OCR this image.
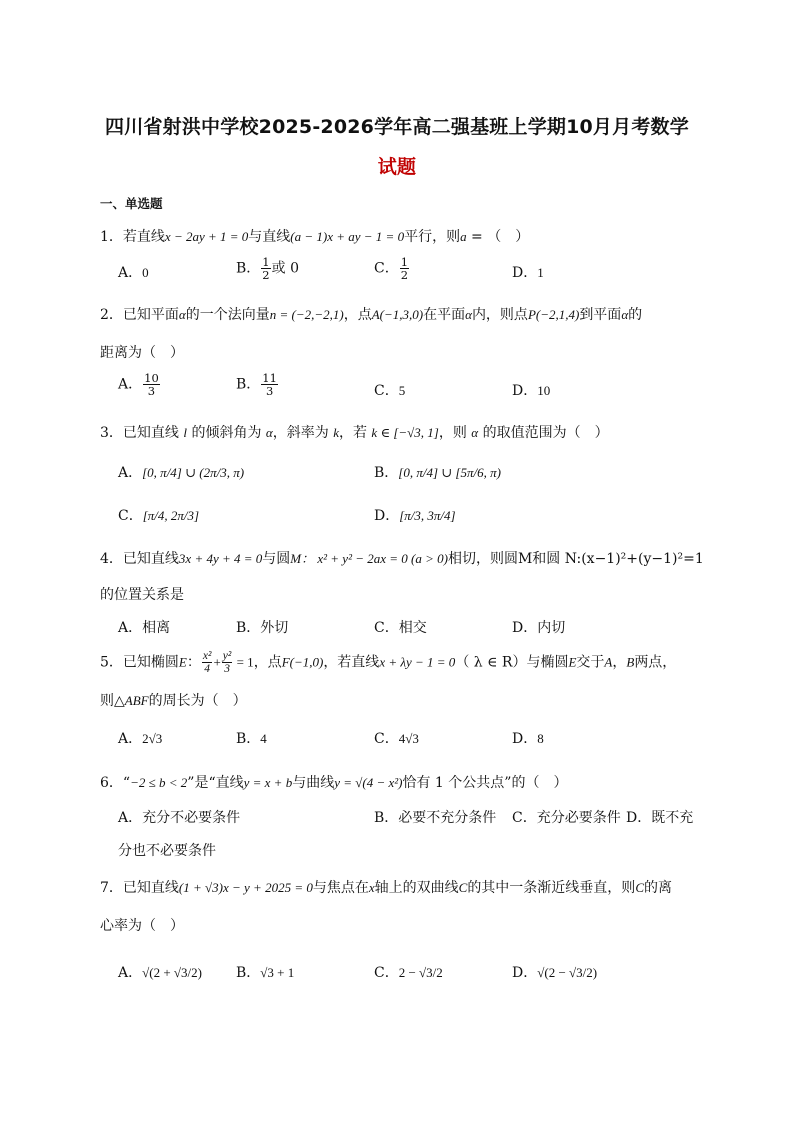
四川省射洪中学校2025-2026学年高二强基班上学期10月月考数学
试题
一、单选题
1．若直线x − 2ay + 1 = 0与直线(a − 1)x + ay − 1 = 0平行，则a = （　）
A．0	B． $\frac{1}{2}$ 或 0	C． $\frac{1}{2}$	D．1
2．已知平面α的一个法向量n = (−2,−2,1)，点A(−1,3,0)在平面α内，则点P(−2,1,4)到平面α的
距离为（　）
A． $\frac{10}{3}$	B． $\frac{11}{3}$	C．5	D．10
3．已知直线 l 的倾斜角为 α，斜率为 k，若 k ∈ [−√3, 1]，则 α 的取值范围为（　）
A．[0, π/4] ∪ (2π/3, π)	B．[0, π/4] ∪ [5π/6, π)
C．[π/4, 2π/3]	D．[π/3, 3π/4]
4．已知直线3x + 4y + 4 = 0与圆M： x² + y² − 2ax = 0 (a > 0)相切，则圆M和圆 N:(x−1)²+(y−1)²=1
的位置关系是
A．相离	B．外切	C．相交	D．内切
5．已知椭圆E： $\frac{\text{x²}}{4} + \frac{\text{y²}}{3} = 1$，点F(−1,0)，若直线x + λy − 1 = 0（ λ ∈ R）与椭圆E交于A，B两点，
则△ABF的周长为（　）
A．2√3	B．4	C．4√3	D．8
6．“−2 ≤ b < 2”是“直线y = x + b与曲线y = √(4 − x²)恰有 1 个公共点”的（　）
A．充分不必要条件	B．必要不充分条件 C．充分必要条件 D．既不充
分也不必要条件
7．已知直线(1 + √3)x − y + 2025 = 0与焦点在x轴上的双曲线C的其中一条渐近线垂直，则C的离
心率为（　）
A．√(2 + √3/2) B．√3 + 1	C．2 − √3/2	D．√(2 − √3/2)
